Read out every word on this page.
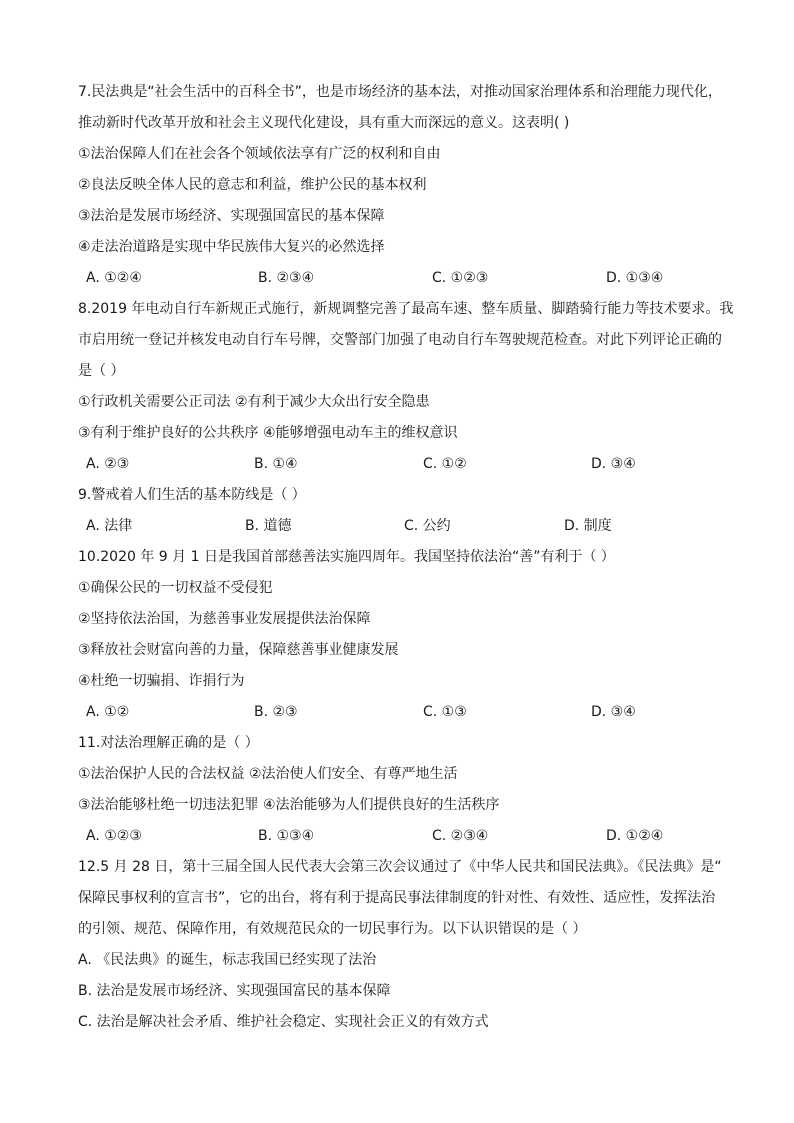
7.民法典是“社会生活中的百科全书”，也是市场经济的基本法，对推动国家治理体系和治理能力现代化，
推动新时代改革开放和社会主义现代化建设，具有重大而深远的意义。这表明( )
①法治保障人们在社会各个领域依法享有广泛的权利和自由
②良法反映全体人民的意志和利益，维护公民的基本权利
③法治是发展市场经济、实现强国富民的基本保障
④走法治道路是实现中华民族伟大复兴的必然选择
A. ①②④	B. ②③④	C. ①②③	D. ①③④
8.2019 年电动自行车新规正式施行，新规调整完善了最高车速、整车质量、脚踏骑行能力等技术要求。我
市启用统一登记并核发电动自行车号牌，交警部门加强了电动自行车驾驶规范检查。对此下列评论正确的
是（ ）
①行政机关需要公正司法 ②有利于减少大众出行安全隐患
③有利于维护良好的公共秩序 ④能够增强电动车主的维权意识
A. ②③	B. ①④	C. ①②	D. ③④
9.警戒着人们生活的基本防线是（ ）
A. 法律	B. 道德	C. 公约	D. 制度
10.2020 年 9 月 1 日是我国首部慈善法实施四周年。我国坚持依法治“善”有利于（ ）
①确保公民的一切权益不受侵犯
②坚持依法治国，为慈善事业发展提供法治保障
③释放社会财富向善的力量，保障慈善事业健康发展
④杜绝一切骗捐、诈捐行为
A. ①②	B. ②③	C. ①③	D. ③④
11.对法治理解正确的是（ ）
①法治保护人民的合法权益 ②法治使人们安全、有尊严地生活
③法治能够杜绝一切违法犯罪 ④法治能够为人们提供良好的生活秩序
A. ①②③	B. ①③④	C. ②③④	D. ①②④
12.5 月 28 日，第十三届全国人民代表大会第三次会议通过了《中华人民共和国民法典》。《民法典》是“
保障民事权利的宣言书”，它的出台，将有利于提高民事法律制度的针对性、有效性、适应性，发挥法治
的引领、规范、保障作用，有效规范民众的一切民事行为。以下认识错误的是（ ）
A. 《民法典》的诞生，标志我国已经实现了法治
B. 法治是发展市场经济、实现强国富民的基本保障
C. 法治是解决社会矛盾、维护社会稳定、实现社会正义的有效方式
